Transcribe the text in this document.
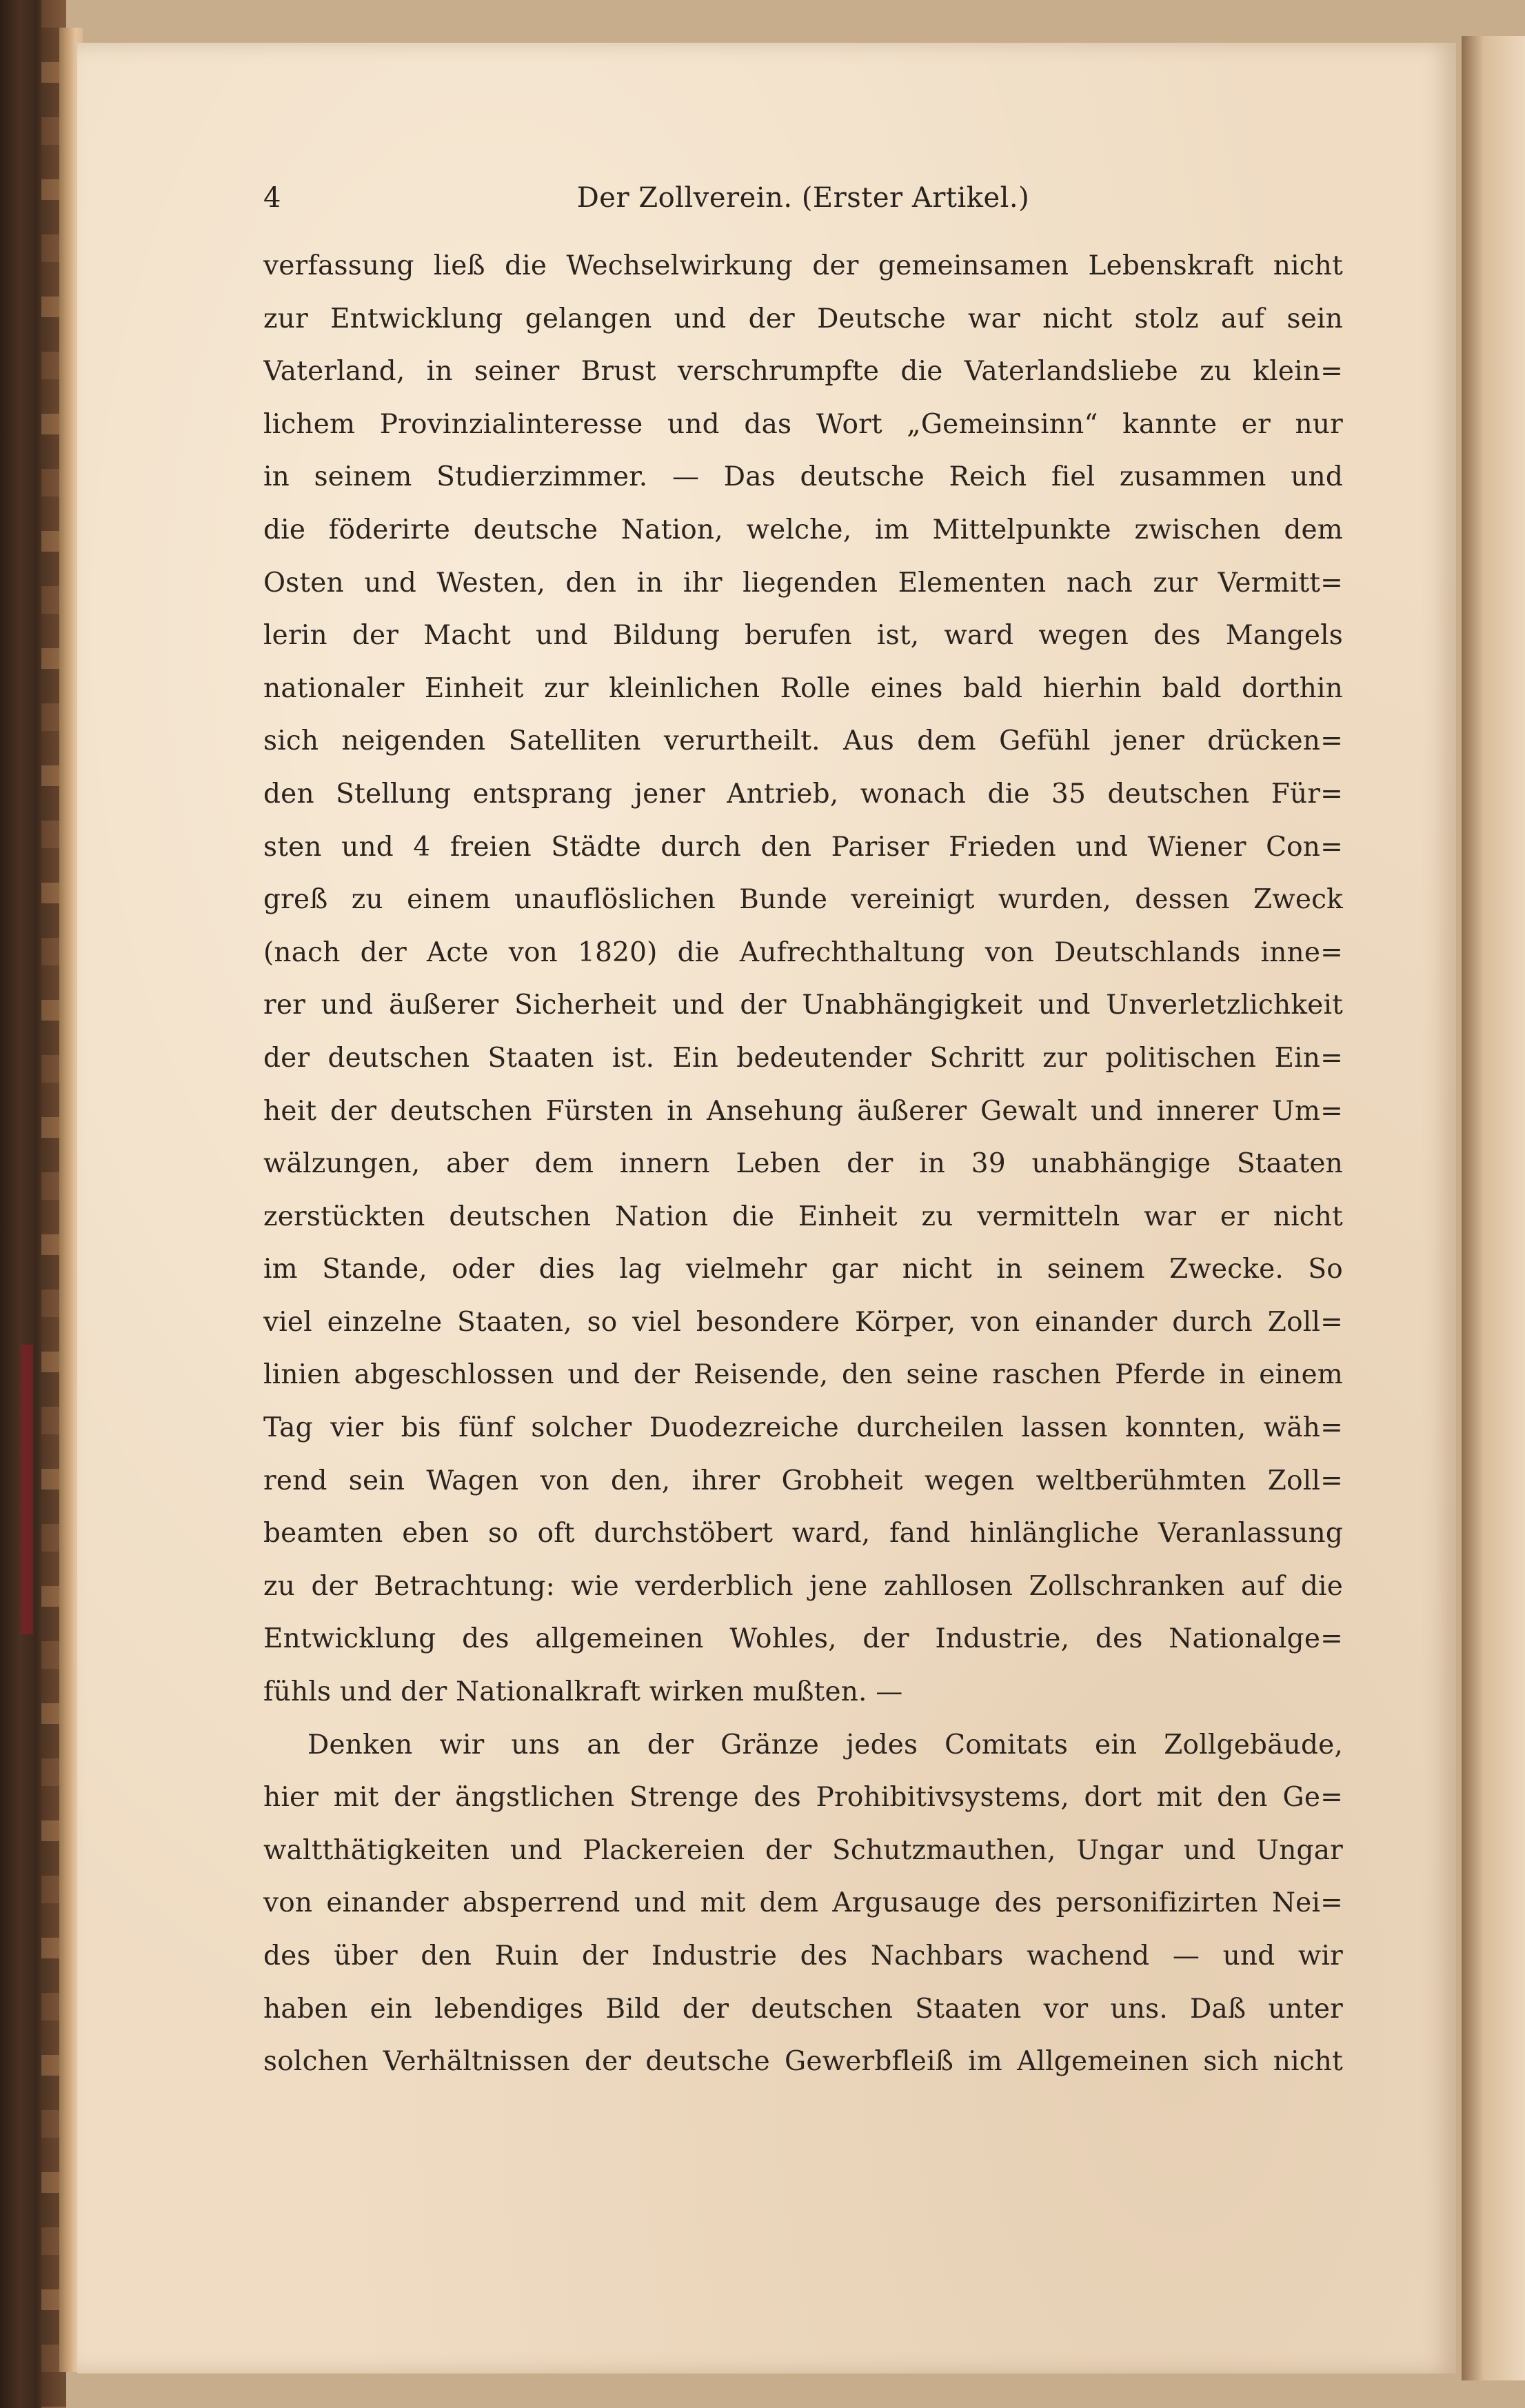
4	Der Zollverein. (Erster Artikel.)
verfassung ließ die Wechselwirkung der gemeinsamen Lebenskraft nicht
zur Entwicklung gelangen und der Deutsche war nicht stolz auf sein
Vaterland, in seiner Brust verschrumpfte die Vaterlandsliebe zu klein=
lichem Provinzialinteresse und das Wort „Gemeinsinn“ kannte er nur
in seinem Studierzimmer. — Das deutsche Reich fiel zusammen und
die föderirte deutsche Nation, welche, im Mittelpunkte zwischen dem
Osten und Westen, den in ihr liegenden Elementen nach zur Vermitt=
lerin der Macht und Bildung berufen ist, ward wegen des Mangels
nationaler Einheit zur kleinlichen Rolle eines bald hierhin bald dorthin
sich neigenden Satelliten verurtheilt. Aus dem Gefühl jener drücken=
den Stellung entsprang jener Antrieb, wonach die 35 deutschen Für=
sten und 4 freien Städte durch den Pariser Frieden und Wiener Con=
greß zu einem unauflöslichen Bunde vereinigt wurden, dessen Zweck
(nach der Acte von 1820) die Aufrechthaltung von Deutschlands inne=
rer und äußerer Sicherheit und der Unabhängigkeit und Unverletzlichkeit
der deutschen Staaten ist. Ein bedeutender Schritt zur politischen Ein=
heit der deutschen Fürsten in Ansehung äußerer Gewalt und innerer Um=
wälzungen, aber dem innern Leben der in 39 unabhängige Staaten
zerstückten deutschen Nation die Einheit zu vermitteln war er nicht
im Stande, oder dies lag vielmehr gar nicht in seinem Zwecke. So
viel einzelne Staaten, so viel besondere Körper, von einander durch Zoll=
linien abgeschlossen und der Reisende, den seine raschen Pferde in einem
Tag vier bis fünf solcher Duodezreiche durcheilen lassen konnten, wäh=
rend sein Wagen von den, ihrer Grobheit wegen weltberühmten Zoll=
beamten eben so oft durchstöbert ward, fand hinlängliche Veranlassung
zu der Betrachtung: wie verderblich jene zahllosen Zollschranken auf die
Entwicklung des allgemeinen Wohles, der Industrie, des Nationalge=
fühls und der Nationalkraft wirken mußten. —
Denken wir uns an der Gränze jedes Comitats ein Zollgebäude,
hier mit der ängstlichen Strenge des Prohibitivsystems, dort mit den Ge=
waltthätigkeiten und Plackereien der Schutzmauthen, Ungar und Ungar
von einander absperrend und mit dem Argusauge des personifizirten Nei=
des über den Ruin der Industrie des Nachbars wachend — und wir
haben ein lebendiges Bild der deutschen Staaten vor uns. Daß unter
solchen Verhältnissen der deutsche Gewerbfleiß im Allgemeinen sich nicht
